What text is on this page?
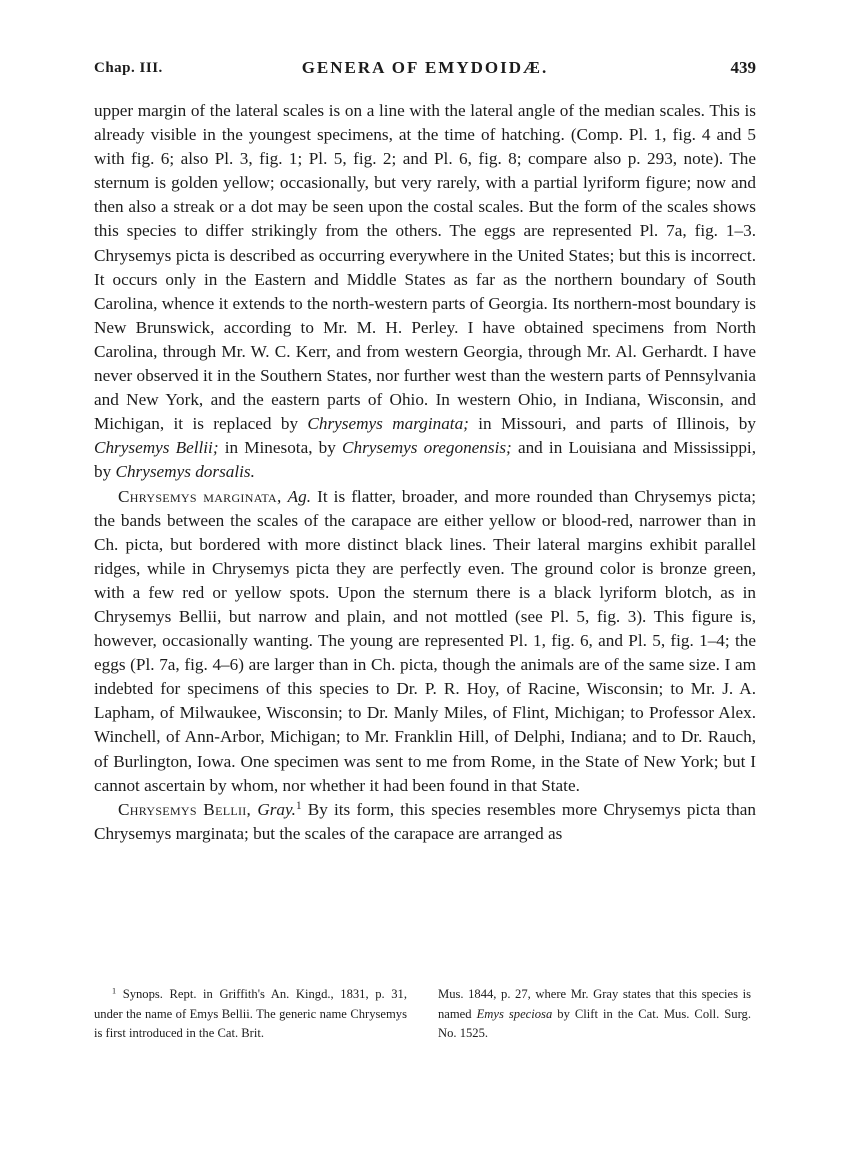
Chap. III.	GENERA OF EMYDOIDÆ.	439

upper margin of the lateral scales is on a line with the lateral angle of the median scales. This is already visible in the youngest specimens, at the time of hatching. (Comp. Pl. 1, fig. 4 and 5 with fig. 6; also Pl. 3, fig. 1; Pl. 5, fig. 2; and Pl. 6, fig. 8; compare also p. 293, note). The sternum is golden yellow; occasionally, but very rarely, with a partial lyriform figure; now and then also a streak or a dot may be seen upon the costal scales. But the form of the scales shows this species to differ strikingly from the others. The eggs are represented Pl. 7a, fig. 1–3. Chrysemys picta is described as occurring everywhere in the United States; but this is incorrect. It occurs only in the Eastern and Middle States as far as the northern boundary of South Carolina, whence it extends to the north-western parts of Georgia. Its northern-most boundary is New Brunswick, according to Mr. M. H. Perley. I have obtained specimens from North Carolina, through Mr. W. C. Kerr, and from western Georgia, through Mr. Al. Gerhardt. I have never observed it in the Southern States, nor further west than the western parts of Pennsylvania and New York, and the eastern parts of Ohio. In western Ohio, in Indiana, Wisconsin, and Michigan, it is replaced by Chrysemys marginata; in Missouri, and parts of Illinois, by Chrysemys Bellii; in Minesota, by Chrysemys oregonensis; and in Louisiana and Mississippi, by Chrysemys dorsalis.

Chrysemys marginata, Ag. It is flatter, broader, and more rounded than Chrysemys picta; the bands between the scales of the carapace are either yellow or blood-red, narrower than in Ch. picta, but bordered with more distinct black lines. Their lateral margins exhibit parallel ridges, while in Chrysemys picta they are perfectly even. The ground color is bronze green, with a few red or yellow spots. Upon the sternum there is a black lyriform blotch, as in Chrysemys Bellii, but narrow and plain, and not mottled (see Pl. 5, fig. 3). This figure is, however, occasionally wanting. The young are represented Pl. 1, fig. 6, and Pl. 5, fig. 1–4; the eggs (Pl. 7a, fig. 4–6) are larger than in Ch. picta, though the animals are of the same size. I am indebted for specimens of this species to Dr. P. R. Hoy, of Racine, Wisconsin; to Mr. J. A. Lapham, of Milwaukee, Wisconsin; to Dr. Manly Miles, of Flint, Michigan; to Professor Alex. Winchell, of Ann-Arbor, Michigan; to Mr. Franklin Hill, of Delphi, Indiana; and to Dr. Rauch, of Burlington, Iowa. One specimen was sent to me from Rome, in the State of New York; but I cannot ascertain by whom, nor whether it had been found in that State.

Chrysemys Bellii, Gray.$^1$ By its form, this species resembles more Chrysemys picta than Chrysemys marginata; but the scales of the carapace are arranged as

$^1$ Synops. Rept. in Griffith's An. Kingd., 1831, p. 31, under the name of Emys Bellii. The generic name Chrysemys is first introduced in the Cat. Brit.
Mus. 1844, p. 27, where Mr. Gray states that this species is named Emys speciosa by Clift in the Cat. Mus. Coll. Surg. No. 1525.
